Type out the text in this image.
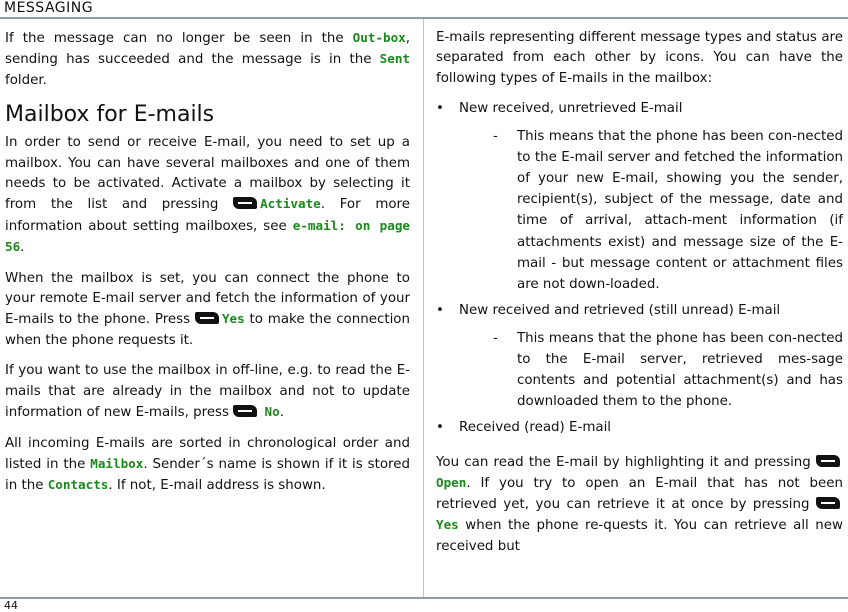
MESSAGING

If the message can no longer be seen in the Out-box, sending has succeeded and the message is in the Sent folder.

Mailbox for E-mails

In order to send or receive E-mail, you need to set up a mailbox. You can have several mailboxes and one of them needs to be activated. Activate a mailbox by selecting it from the list and pressing Activate. For more information about setting mailboxes, see e-mail: on page 56.

When the mailbox is set, you can connect the phone to your remote E-mail server and fetch the information of your E-mails to the phone. Press Yes to make the connection when the phone requests it.

If you want to use the mailbox in off-line, e.g. to read the E-mails that are already in the mailbox and not to update information of new E-mails, press  No.

All incoming E-mails are sorted in chronological order and listed in the Mailbox. Sender´s name is shown if it is stored in the Contacts. If not, E-mail address is shown.

E-mails representing different message types and status are separated from each other by icons. You can have the following types of E-mails in the mailbox:

• New received, unretrieved E-mail
- This means that the phone has been con-nected to the E-mail server and fetched the information of your new E-mail, showing you the sender, recipient(s), subject of the message, date and time of arrival, attach-ment information (if attachments exist) and message size of the E-mail - but message content or attachment files are not down-loaded.
• New received and retrieved (still unread) E-mail
- This means that the phone has been con-nected to the E-mail server, retrieved mes-sage contents and potential attachment(s) and has downloaded them to the phone.
• Received (read) E-mail

You can read the E-mail by highlighting it and pressing  Open. If you try to open an E-mail that has not been retrieved yet, you can retrieve it at once by pressing Yes when the phone re-quests it. You can retrieve all new received but

44
